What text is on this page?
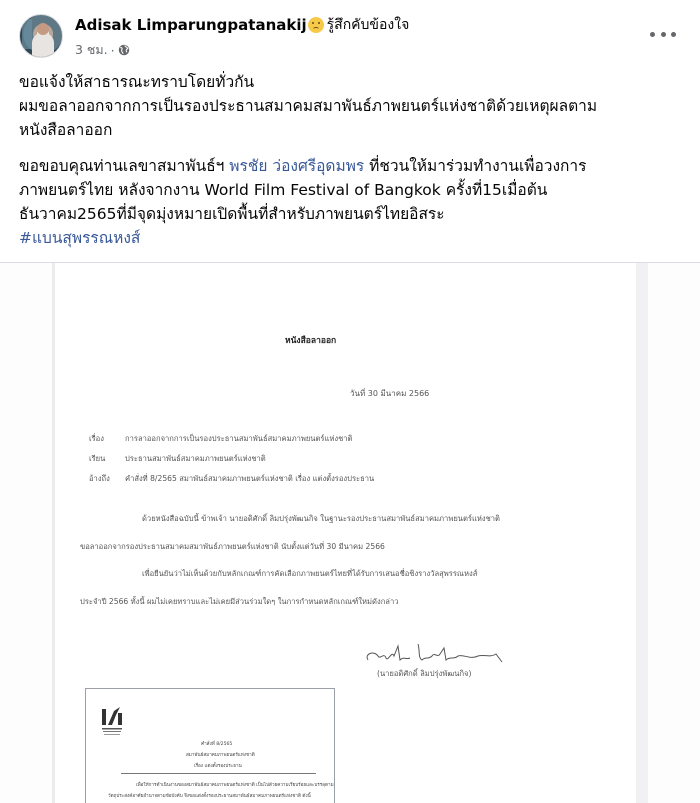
Adisak Limparungpatanakij รู้สึกคับข้องใจ
3 ชม. ·

ขอแจ้งให้สาธารณะทราบโดยทั่วกัน
ผมขอลาออกจากการเป็นรองประธานสมาคมสมาพันธ์ภาพยนตร์แห่งชาติด้วยเหตุผลตาม
หนังสือลาออก

ขอขอบคุณท่านเลขาสมาพันธ์ฯ พรชัย ว่องศรีอุดมพร ที่ชวนให้มาร่วมทำงานเพื่อวงการ
ภาพยนตร์ไทย หลังจากงาน World Film Festival of Bangkok ครั้งที่15เมื่อต้น
ธันวาคม2565ที่มีจุดมุ่งหมายเปิดพื้นที่สำหรับภาพยนตร์ไทยอิสระ
#แบนสุพรรณหงส์

หนังสือลาออก
วันที่ 30 มีนาคม 2566
เรื่อง	การลาออกจากการเป็นรองประธานสมาพันธ์สมาคมภาพยนตร์แห่งชาติ
เรียน	ประธานสมาพันธ์สมาคมภาพยนตร์แห่งชาติ
อ้างถึง คำสั่งที่ 8/2565 สมาพันธ์สมาคมภาพยนตร์แห่งชาติ เรื่อง แต่งตั้งรองประธาน
ด้วยหนังสือฉบับนี้ ข้าพเจ้า นายอดิศักดิ์ ลิมปรุ่งพัฒนกิจ ในฐานะรองประธานสมาพันธ์สมาคมภาพยนตร์แห่งชาติ
ขอลาออกจากรองประธานสมาคมสมาพันธ์ภาพยนตร์แห่งชาติ นับตั้งแต่วันที่ 30 มีนาคม 2566
เพื่อยืนยันว่าไม่เห็นด้วยกับหลักเกณฑ์การคัดเลือกภาพยนตร์ไทยที่ได้รับการเสนอชื่อชิงรางวัลสุพรรณหงส์
ประจำปี 2566 ทั้งนี้ ผมไม่เคยทราบและไม่เคยมีส่วนร่วมใดๆ ในการกำหนดหลักเกณฑ์ใหม่ดังกล่าว
(นายอดิศักดิ์ ลิมปรุ่งพัฒนกิจ)
คำสั่งที่ 8/2565
สมาพันธ์สมาคมภาพยนตร์แห่งชาติ
เรื่อง แต่งตั้งรองประธาน
เพื่อให้การดำเนินงานของสมาพันธ์สมาคมภาพยนตร์แห่งชาติ เป็นไปด้วยความเรียบร้อยและบรรลุตาม
วัตถุประสงค์อาศัยอำนาจตามข้อบังคับ จึงขอแต่งตั้งรองประธานสมาพันธ์สมาคมภาพยนตร์แห่งชาติ ดังนี้
